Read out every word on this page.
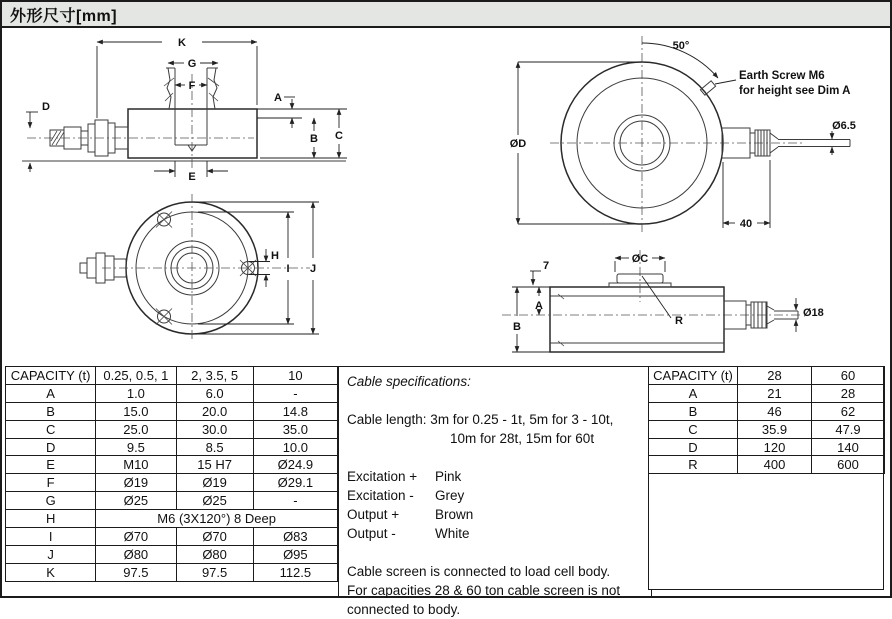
外形尺寸[mm]
K
G
F
A
B C
D
E
H
I J
50°
Earth Screw M6
for height see Dim A
ØD
Ø6.5
40
ØC
7
A
B	R
Ø18
CAPACITY (t)	0.25, 0.5, 1	2, 3.5, 5	10
A	1.0	6.0	-
B	15.0	20.0	14.8
C	25.0	30.0	35.0
D	9.5	8.5	10.0
E	M10	15 H7	Ø24.9
F	Ø19	Ø19	Ø29.1
G	Ø25	Ø25	-
H	M6 (3X120°) 8 Deep		
I	Ø70	Ø70	Ø83
J	Ø80	Ø80	Ø95
K	97.5	97.5	112.5
Cable specifications:
Cable length: 3m for 0.25 - 1t, 5m for 3 - 10t,
10m for 28t, 15m for 60t
Excitation +	Pink
Excitation -	Grey
Output +	Brown
Output -	White
Cable screen is connected to load cell body.
For capacities 28 & 60 ton cable screen is not
connected to body.
CAPACITY (t)	28	60
A	21	28
B	46	62
C	35.9	47.9
D	120	140
R	400	600
